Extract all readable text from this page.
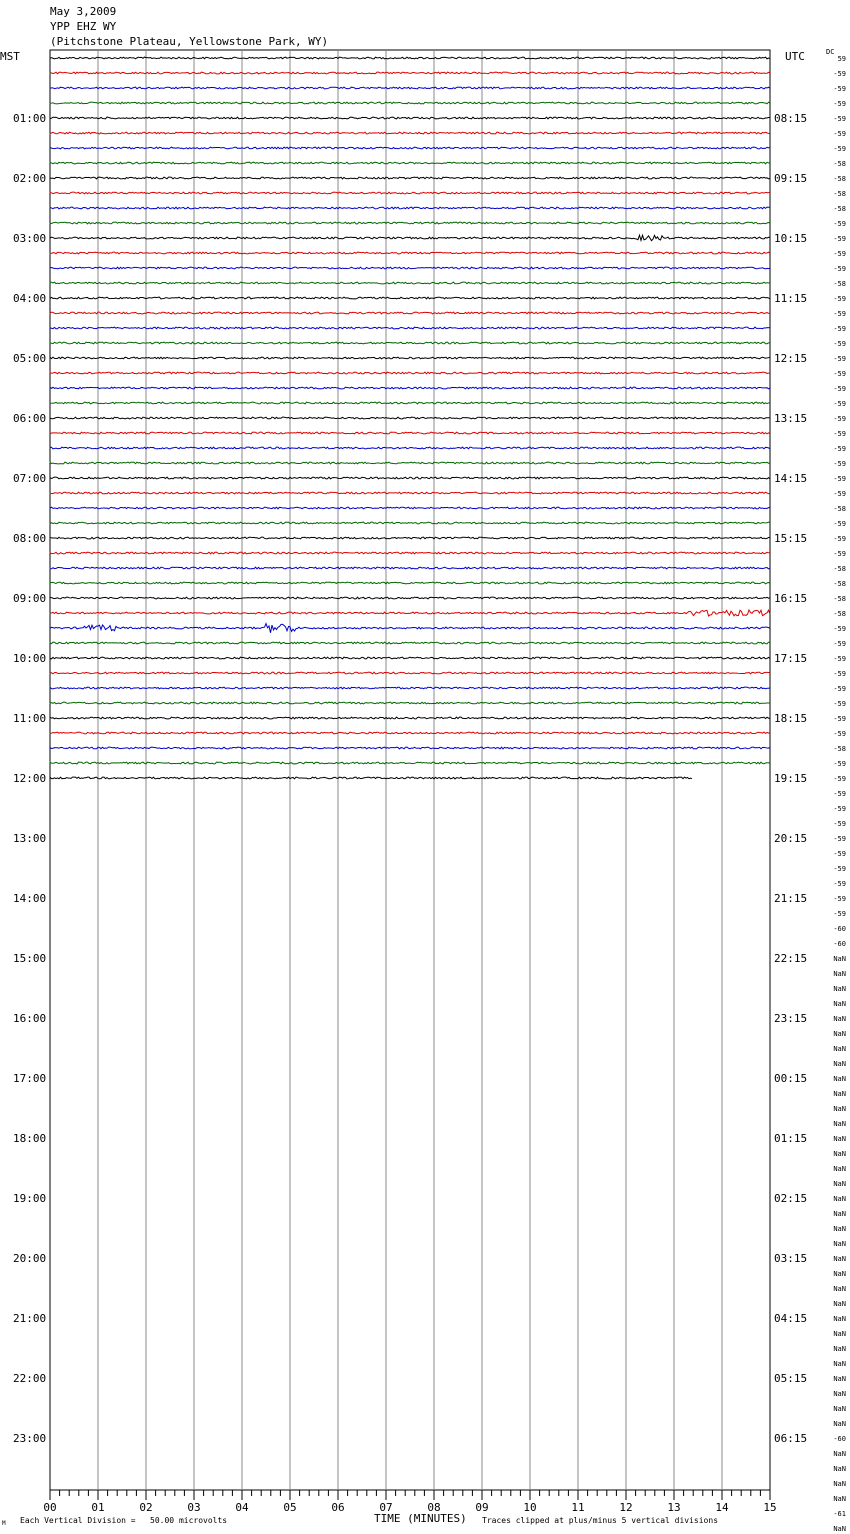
May 3,2009
YPP EHZ WY
(Pitchstone Plateau, Yellowstone Park, WY)
MST	UTC	DC
00	01	02	03	04	05	06	07	08	09	10	11	12	13	14	15
01:00
02:00
03:00
04:00
05:00
06:00
07:00
08:00
09:00
10:00
11:00
12:00
13:00
14:00
15:00
16:00
17:00
18:00
19:00
20:00
21:00
22:00
23:00
08:15
09:15
10:15
11:15
12:15
13:15
14:15
15:15
16:15
17:15
18:15
19:15
20:15
21:15
22:15
23:15
00:15
01:15
02:15
03:15
04:15
05:15
06:15
59
-59
-59
-59
-59
-59
-59
-58
-58
-58
-58
-59
-59
-59
-59
-58
-59
-59
-59
-59
-59
-59
-59
-59
-59
-59
-59
-59
-59
-59
-58
-59
-59
-59
-58
-58
-58
-58
-59
-59
-59
-59
-59
-59
-59
-59
-58
-59
-59
-59
-59
-59
-59
-59
-59
-59
-59
-59
-60
-60
NaN
NaN
NaN
NaN
NaN
NaN
NaN
NaN
NaN
NaN
NaN
NaN
NaN
NaN
NaN
NaN
NaN
NaN
NaN
NaN
NaN
NaN
NaN
NaN
NaN
NaN
NaN
NaN
NaN
NaN
NaN
NaN
-60
NaN
NaN
NaN
NaN
-61
NaN
Each Vertical Division =   50.00 microvolts	TIME (MINUTES) Traces clipped at plus/minus 5 vertical divisions
M
